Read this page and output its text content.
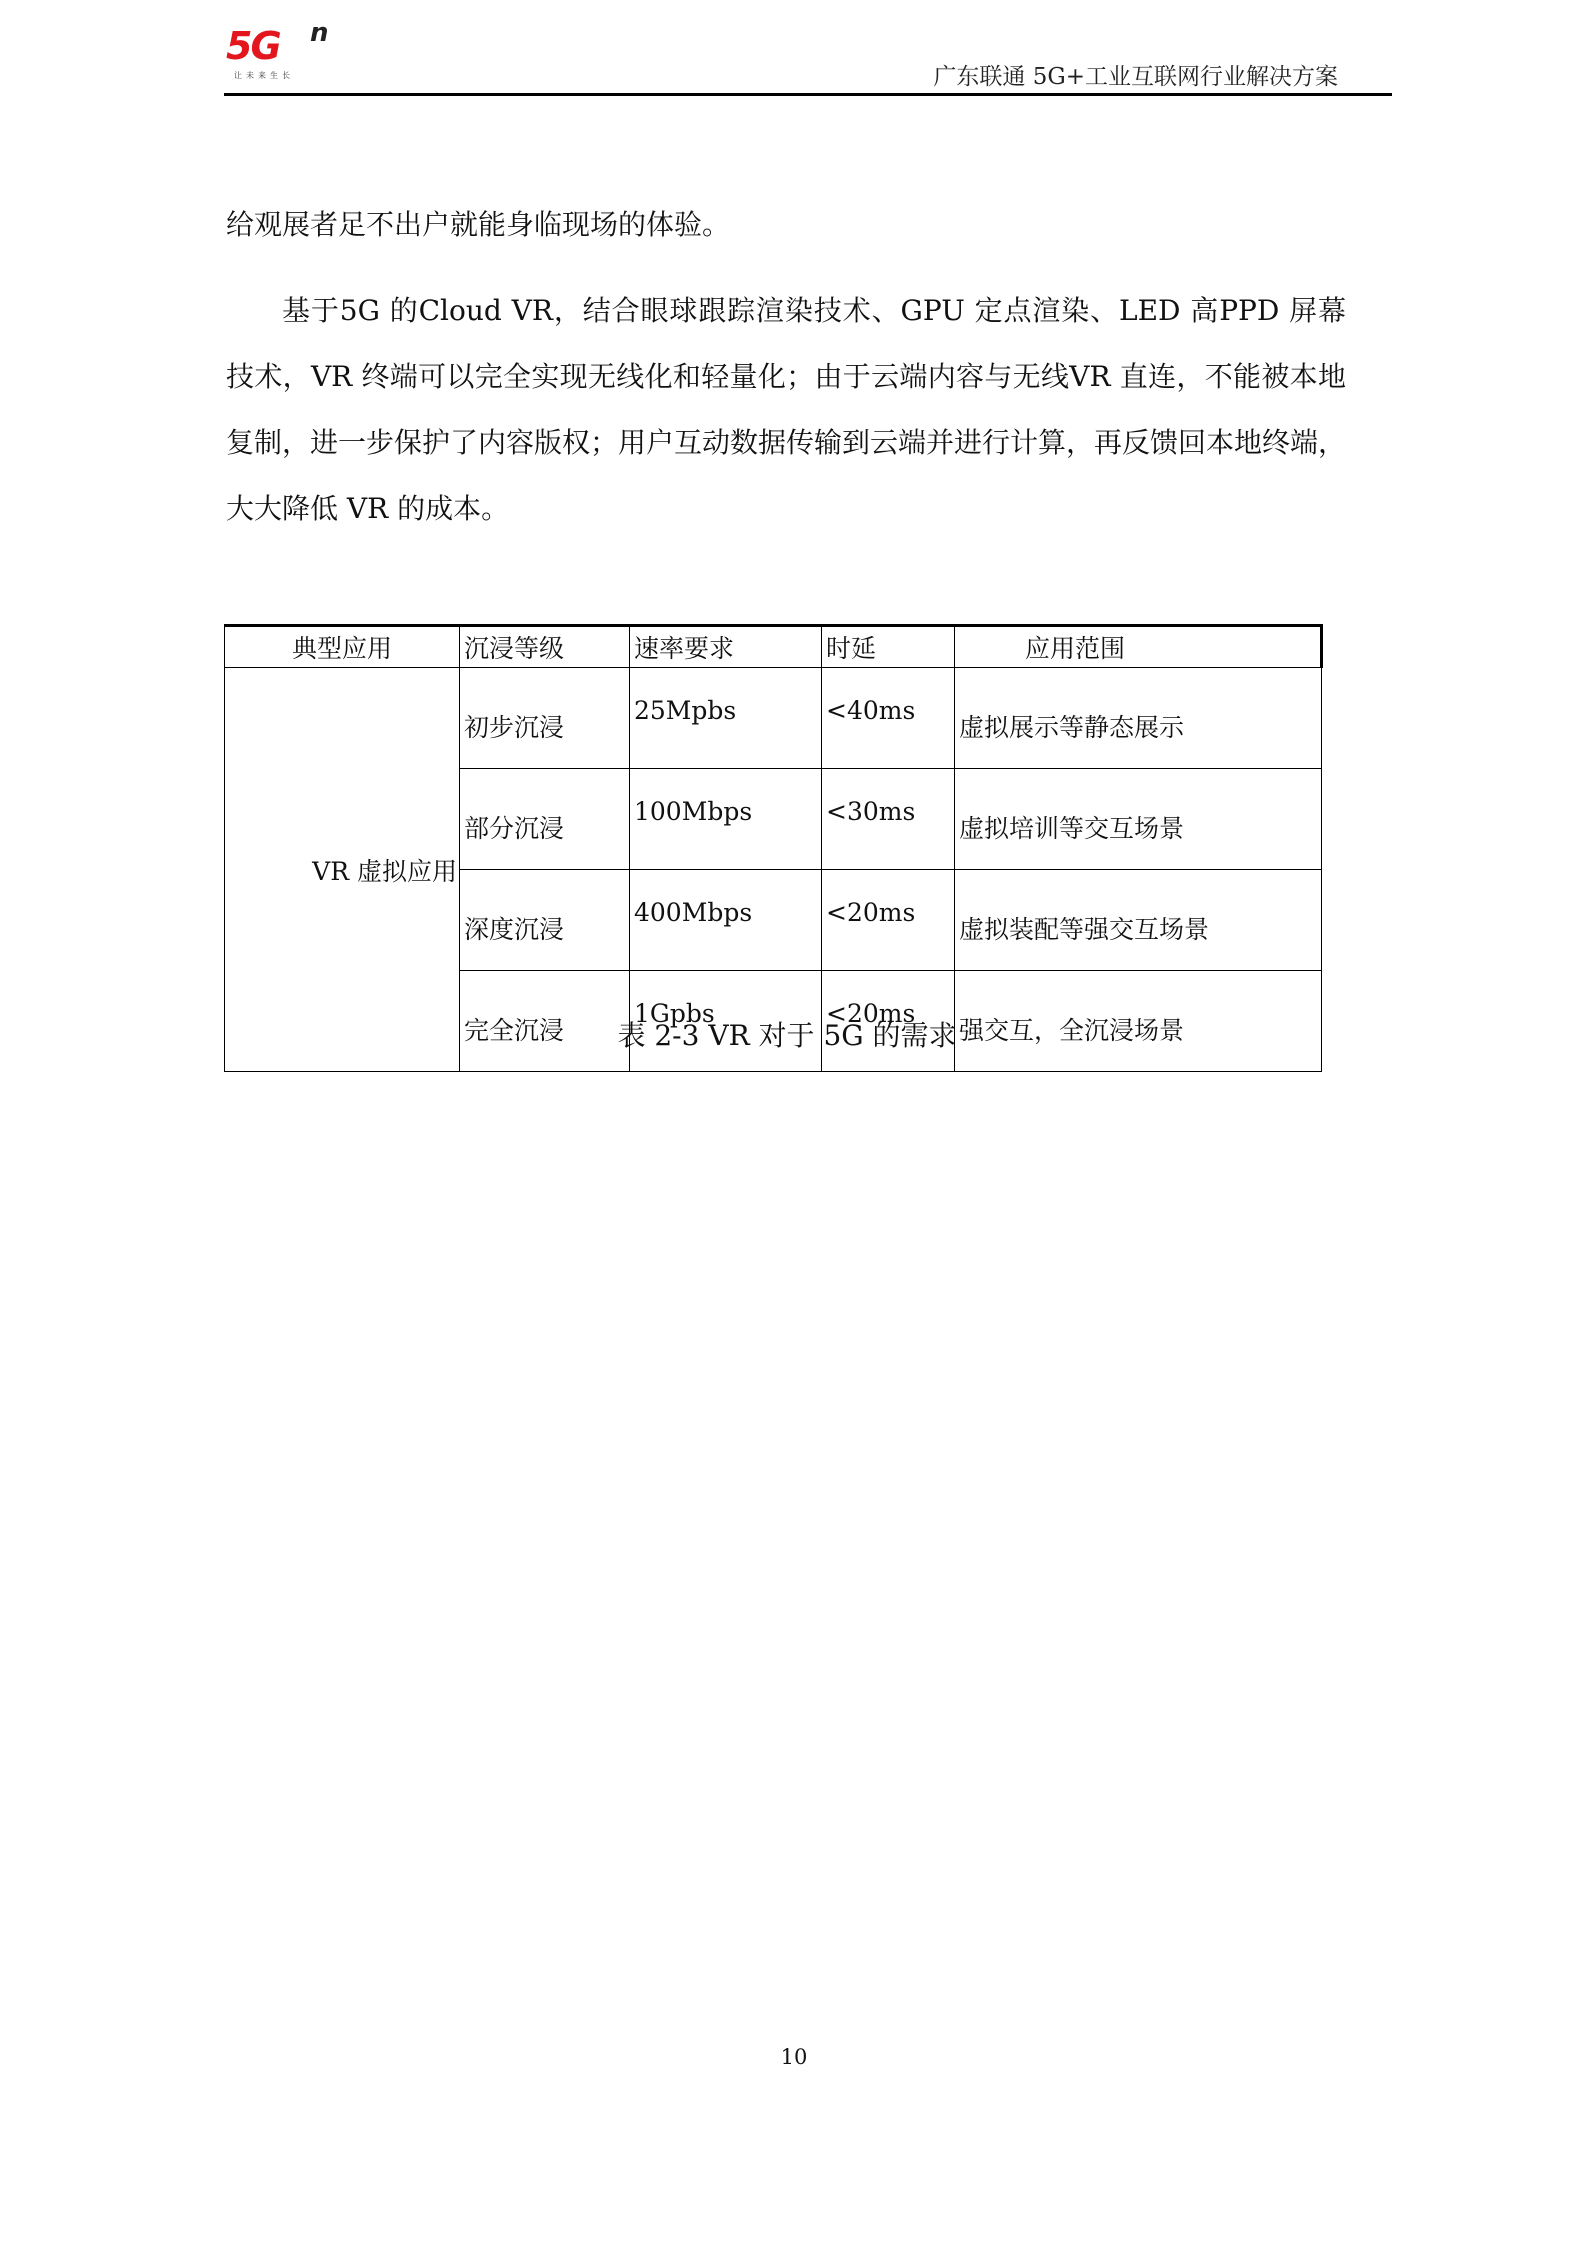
5G n
让未来生长	广东联通 5G+工业互联网行业解决方案
给观展者足不出户就能身临现场的体验。
基于5G 的Cloud VR，结合眼球跟踪渲染技术、GPU 定点渲染、LED 高PPD 屏幕技术，VR 终端可以完全实现无线化和轻量化；由于云端内容与无线VR 直连，不能被本地复制，进一步保护了内容版权；用户互动数据传输到云端并进行计算，再反馈回本地终端，大大降低 VR 的成本。
典型应用	沉浸等级	速率要求	时延	应用范围
VR 虚拟应用	初步沉浸	25Mpbs	<40ms	虚拟展示等静态展示
	部分沉浸	100Mbps	<30ms	虚拟培训等交互场景
	深度沉浸	400Mbps	<20ms	虚拟装配等强交互场景
	完全沉浸	1Gpbs	<20ms	强交互，全沉浸场景
表 2-3 VR 对于 5G 的需求
10
